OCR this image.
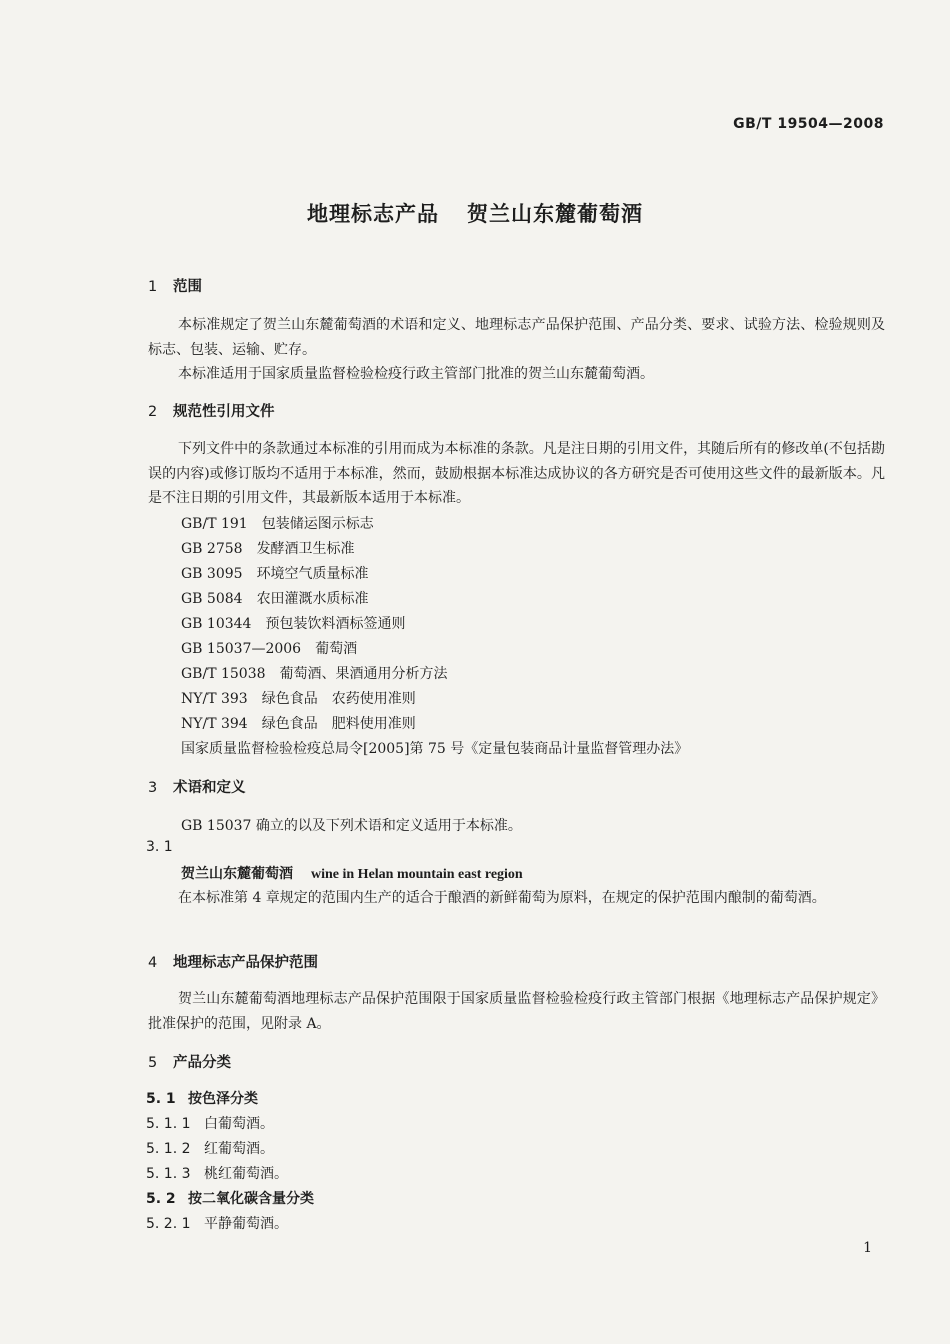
GB/T 19504—2008
地理标志产品 贺兰山东麓葡萄酒
1 范围

本标准规定了贺兰山东麓葡萄酒的术语和定义、地理标志产品保护范围、产品分类、要求、试验方法、检验规则及标志、包装、运输、贮存。

本标准适用于国家质量监督检验检疫行政主管部门批准的贺兰山东麓葡萄酒。

2 规范性引用文件

下列文件中的条款通过本标准的引用而成为本标准的条款。凡是注日期的引用文件，其随后所有的修改单(不包括勘误的内容)或修订版均不适用于本标准，然而，鼓励根据本标准达成协议的各方研究是否可使用这些文件的最新版本。凡是不注日期的引用文件，其最新版本适用于本标准。

GB/T 191 包装储运图示标志
GB 2758 发酵酒卫生标准
GB 3095 环境空气质量标准
GB 5084 农田灌溉水质标准
GB 10344 预包装饮料酒标签通则
GB 15037—2006 葡萄酒
GB/T 15038 葡萄酒、果酒通用分析方法
NY/T 393 绿色食品　农药使用准则
NY/T 394 绿色食品　肥料使用准则
国家质量监督检验检疫总局令[2005]第 75 号《定量包装商品计量监督管理办法》
3 术语和定义
GB 15037 确立的以及下列术语和定义适用于本标准。
3. 1
贺兰山东麓葡萄酒 wine in Helan mountain east region

在本标准第 4 章规定的范围内生产的适合于酿酒的新鲜葡萄为原料，在规定的保护范围内酿制的葡萄酒。

4 地理标志产品保护范围

贺兰山东麓葡萄酒地理标志产品保护范围限于国家质量监督检验检疫行政主管部门根据《地理标志产品保护规定》批准保护的范围，见附录 A。

5 产品分类
5. 1 按色泽分类
5. 1. 1 白葡萄酒。
5. 1. 2 红葡萄酒。
5. 1. 3 桃红葡萄酒。
5. 2 按二氧化碳含量分类
5. 2. 1 平静葡萄酒。
1
